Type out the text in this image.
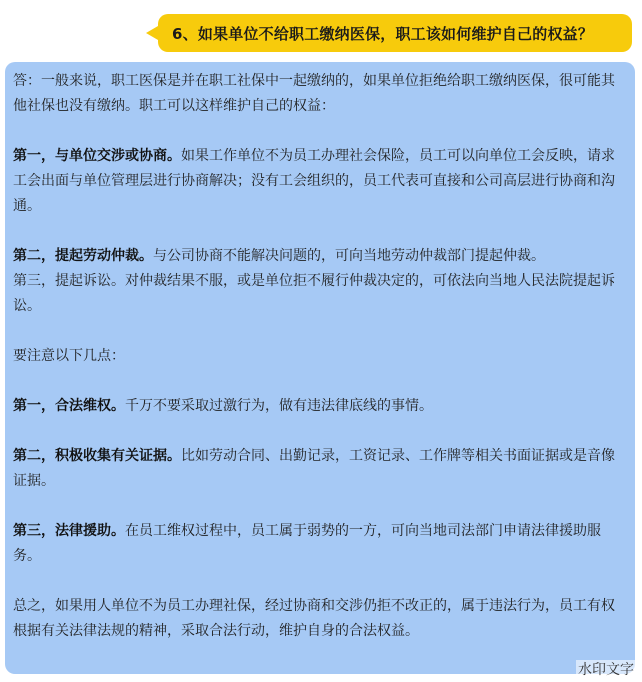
6、如果单位不给职工缴纳医保，职工该如何维护自己的权益？

答：一般来说，职工医保是并在职工社保中一起缴纳的，如果单位拒绝给职工缴纳医保，很可能其他社保也没有缴纳。职工可以这样维护自己的权益：

第一，与单位交涉或协商。如果工作单位不为员工办理社会保险，员工可以向单位工会反映，请求工会出面与单位管理层进行协商解决；没有工会组织的，员工代表可直接和公司高层进行协商和沟通。

第二，提起劳动仲裁。与公司协商不能解决问题的，可向当地劳动仲裁部门提起仲裁。

第三，提起诉讼。对仲裁结果不服，或是单位拒不履行仲裁决定的，可依法向当地人民法院提起诉讼。

要注意以下几点：

第一，合法维权。千万不要采取过激行为，做有违法律底线的事情。

第二，积极收集有关证据。比如劳动合同、出勤记录，工资记录、工作牌等相关书面证据或是音像证据。

第三，法律援助。在员工维权过程中，员工属于弱势的一方，可向当地司法部门申请法律援助服务。

总之，如果用人单位不为员工办理社保，经过协商和交涉仍拒不改正的，属于违法行为，员工有权根据有关法律法规的精神，采取合法行动，维护自身的合法权益。

水印文字
